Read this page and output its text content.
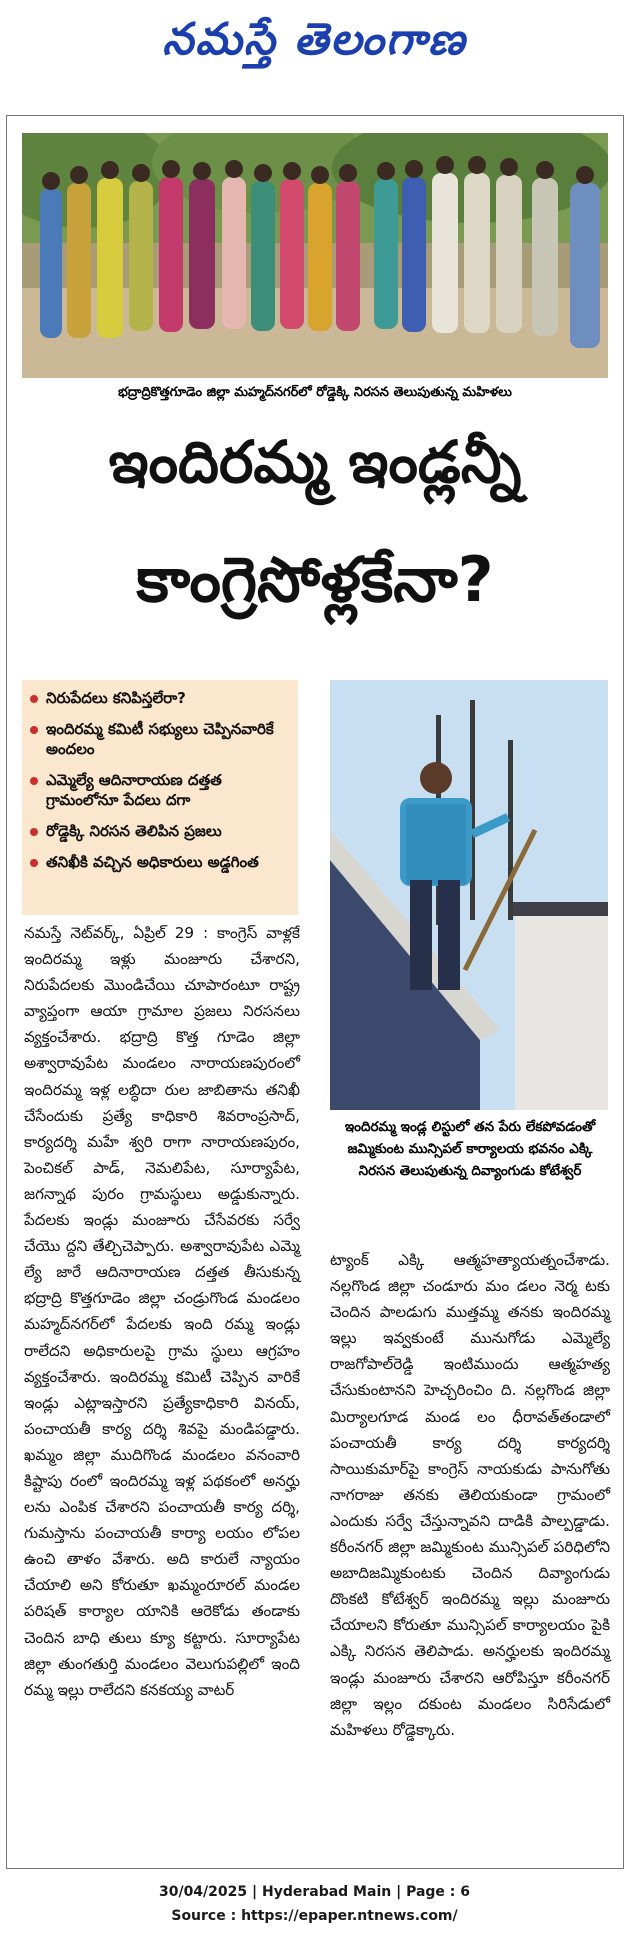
నమస్తే తెలంగాణ
భద్రాద్రికొత్తగూడెం జిల్లా మహ్మద్‌నగర్‌లో రోడ్డెక్కి నిరసన తెలుపుతున్న మహిళలు
ఇందిరమ్మ ఇండ్లన్నీ
కాంగ్రెసోళ్లకేనా?
నిరుపేదలు కనిపిస్తలేరా?
ఇందిరమ్మ కమిటీ సభ్యులు చెప్పినవారికే అందలం
ఎమ్మెల్యే ఆదినారాయణ దత్తత గ్రామంలోనూ పేదలు దగా
రోడ్డెక్కి నిరసన తెలిపిన ప్రజలు
తనిఖీకి వచ్చిన అధికారులు అడ్డగింత
నమస్తే నెట్‌వర్క్‌, ఏప్రిల్‌ 29 : కాంగ్రెస్‌ వాళ్లకే ఇందిరమ్మ ఇళ్లు మంజూరు చేశారని, నిరుపేదలకు మొండిచేయి చూపారంటూ రాష్ట్ర వ్యాప్తంగా ఆయా గ్రామాల ప్రజలు నిరసనలు వ్యక్తంచేశారు. భద్రాద్రి కొత్త గూడెం జిల్లా అశ్వారావుపేట మండలం నారాయణపురంలో ఇందిరమ్మ ఇళ్ల లబ్ధిదా రుల జాబితాను తనిఖీ చేసేందుకు ప్రత్యే కాధికారి శివరాంప్రసాద్‌, కార్యదర్శి మహే శ్వరి రాగా నారాయణపురం, పెంచికల్‌ పాడ్‌, నెమలిపేట, సూర్యాపేట, జగన్నాథ పురం గ్రామస్థులు అడ్డుకున్నారు. పేదలకు ఇండ్లు మంజూరు చేసేవరకు సర్వే చేయొ ద్దని తేల్చిచెప్పారు. అశ్వారావుపేట ఎమ్మె ల్యే జారే ఆదినారాయణ దత్తత తీసుకున్న భద్రాద్రి కొత్తగూడెం జిల్లా చండ్రుగొండ మండలం మహ్మద్‌నగర్‌లో పేదలకు ఇంది రమ్మ ఇండ్లు రాలేదని అధికారులపై గ్రామ స్థులు ఆగ్రహం వ్యక్తంచేశారు. ఇందిరమ్మ కమిటీ చెప్పిన వారికే ఇండ్లు ఎట్లాఇస్తారని ప్రత్యేకాధికారి వినయ్‌, పంచాయతీ కార్య దర్శి శివపై మండిపడ్డారు. ఖమ్మం జిల్లా ముదిగొండ మండలం వనంవారి కిష్టాపు రంలో ఇందిరమ్మ ఇళ్ల పథకంలో అనర్హు లను ఎంపిక చేశారని పంచాయతీ కార్య దర్శి, గుమస్తాను పంచాయతీ కార్యా లయం లోపల ఉంచి తాళం వేశారు. అది కారులే న్యాయం చేయాలి అని కోరుతూ ఖమ్మంరూరల్‌ మండల పరిషత్‌ కార్యాల యానికి ఆరెకోడు తండాకు చెందిన బాధి తులు క్యూ కట్టారు. సూర్యాపేట జిల్లా తుంగతుర్తి మండలం వెలుగుపల్లిలో ఇంది రమ్మ ఇల్లు రాలేదని కనకయ్య వాటర్‌
ఇందిరమ్మ ఇండ్ల లిస్టులో తన పేరు లేకపోవడంతో జమ్మికుంట మున్సిపల్‌ కార్యాలయ భవనం ఎక్కి నిరసన తెలుపుతున్న దివ్యాంగుడు కోటేశ్వర్‌
ట్యాంక్‌ ఎక్కి ఆత్మహత్యాయత్నంచేశాడు. నల్లగొండ జిల్లా చండూరు మం డలం నెర్మ టకు చెందిన పాలడుగు ముత్తమ్మ తనకు ఇందిరమ్మ ఇల్లు ఇవ్వకుంటే మునుగోడు ఎమ్మెల్యే రాజగోపాల్‌రెడ్డి ఇంటిముందు ఆత్మహత్య చేసుకుంటానని హెచ్చరించిం ది. నల్లగొండ జిల్లా మిర్యాలగూడ మండ లం ధీరావత్‌తండాలో పంచాయతీ కార్య దర్శి కార్యదర్శి సాయికుమార్‌పై కాంగ్రెస్‌ నాయకుడు పానుగోతు నాగరాజు తనకు తెలియకుండా గ్రామంలో ఎందుకు సర్వే చేస్తున్నావని దాడికి పాల్పడ్డాడు. కరీంనగర్‌ జిల్లా జమ్మికుంట మున్సిపల్‌ పరిధిలోని అబాదిజమ్మికుంటకు చెందిన దివ్యాంగుడు దొంకటి కోటేశ్వర్‌ ఇందిరమ్మ ఇల్లు మంజూరు చేయాలని కోరుతూ మున్సిపల్‌ కార్యాలయం పైకి ఎక్కి నిరసన తెలిపాడు. అనర్హులకు ఇందిరమ్మ ఇండ్లు మంజూరు చేశారని ఆరోపిస్తూ కరీంనగర్‌ జిల్లా ఇల్లం దకుంట మండలం సిరిసేడులో మహిళలు రోడ్డెక్కారు.
30/04/2025 | Hyderabad Main | Page : 6
Source : https://epaper.ntnews.com/
